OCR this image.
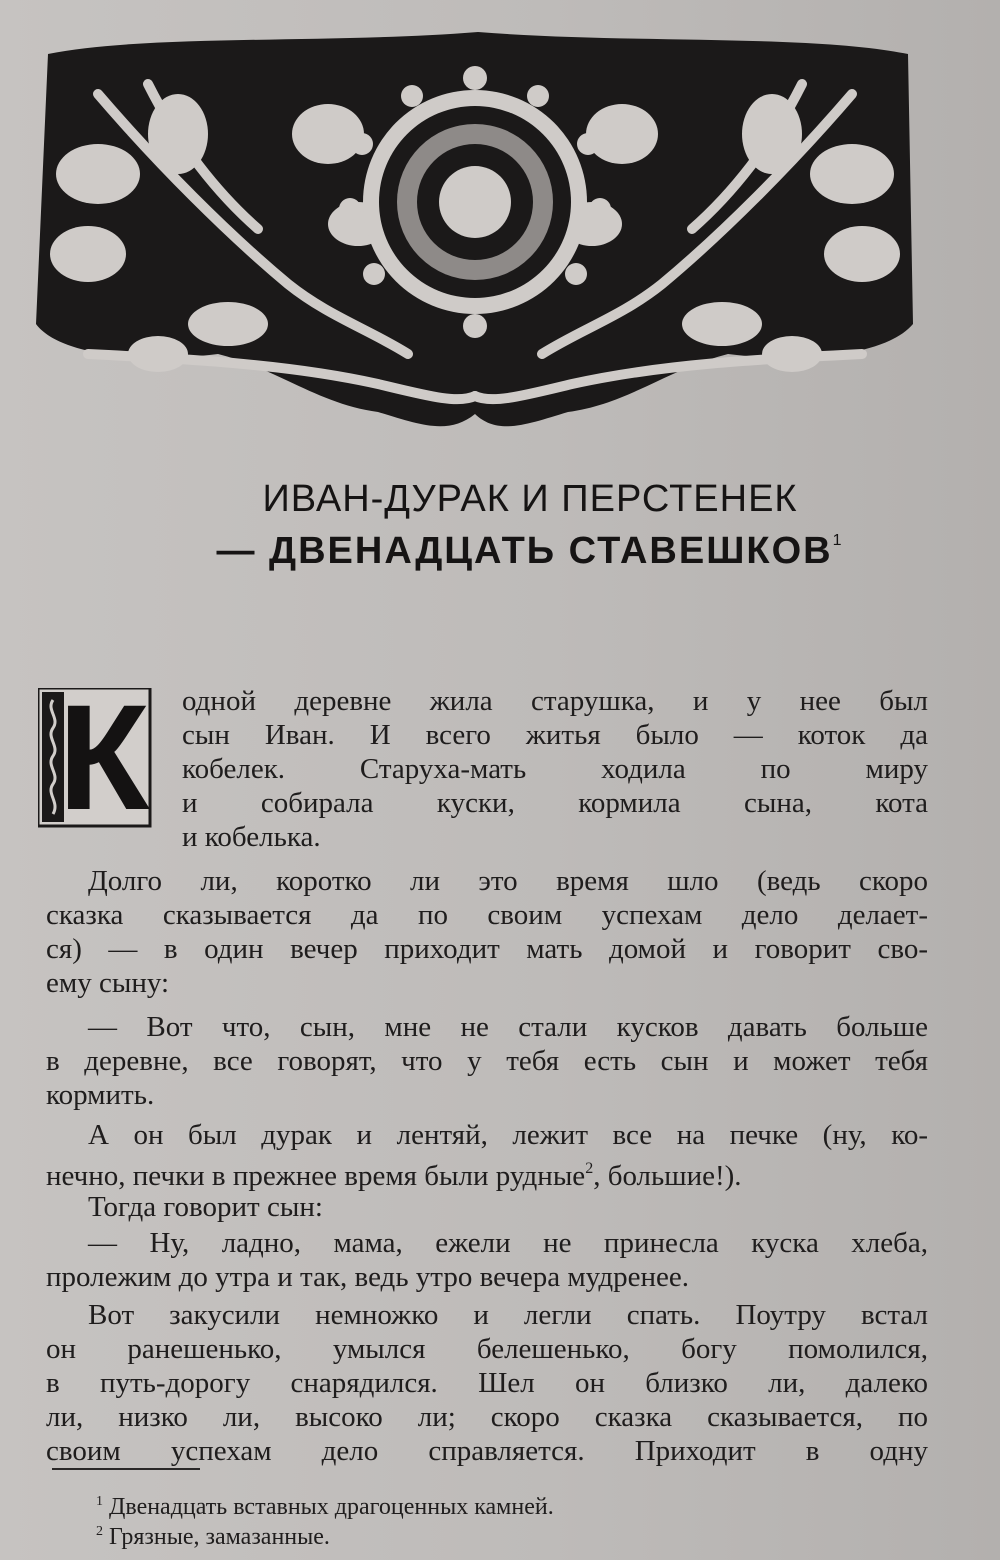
ИВАН-ДУРАК И ПЕРСТЕНЕК
— ДВЕНАДЦАТЬ СТАВЕШКОВ$^1$
К одной деревне жила старушка, и у нее был
сын Иван. И всего житья было — коток да
кобелек. Старуха-мать ходила по миру
и собирала куски, кормила сына, кота
и кобелька.
Долго ли, коротко ли это время шло (ведь скоро
сказка сказывается да по своим успехам дело делает-
ся) — в один вечер приходит мать домой и говорит сво-
ему сыну:
— Вот что, сын, мне не стали кусков давать больше
в деревне, все говорят, что у тебя есть сын и может тебя
кормить.
А он был дурак и лентяй, лежит все на печке (ну, ко-
нечно, печки в прежнее время были рудные$^2$, большие!).
Тогда говорит сын:
— Ну, ладно, мама, ежели не принесла куска хлеба,
пролежим до утра и так, ведь утро вечера мудренее.
Вот закусили немножко и легли спать. Поутру встал
он ранешенько, умылся белешенько, богу помолился,
в путь-дорогу снарядился. Шел он близко ли, далеко
ли, низко ли, высоко ли; скоро сказка сказывается, по
своим успехам дело справляется. Приходит в одну
$^1$ Двенадцать вставных драгоценных камней.
$^2$ Грязные, замазанные.
